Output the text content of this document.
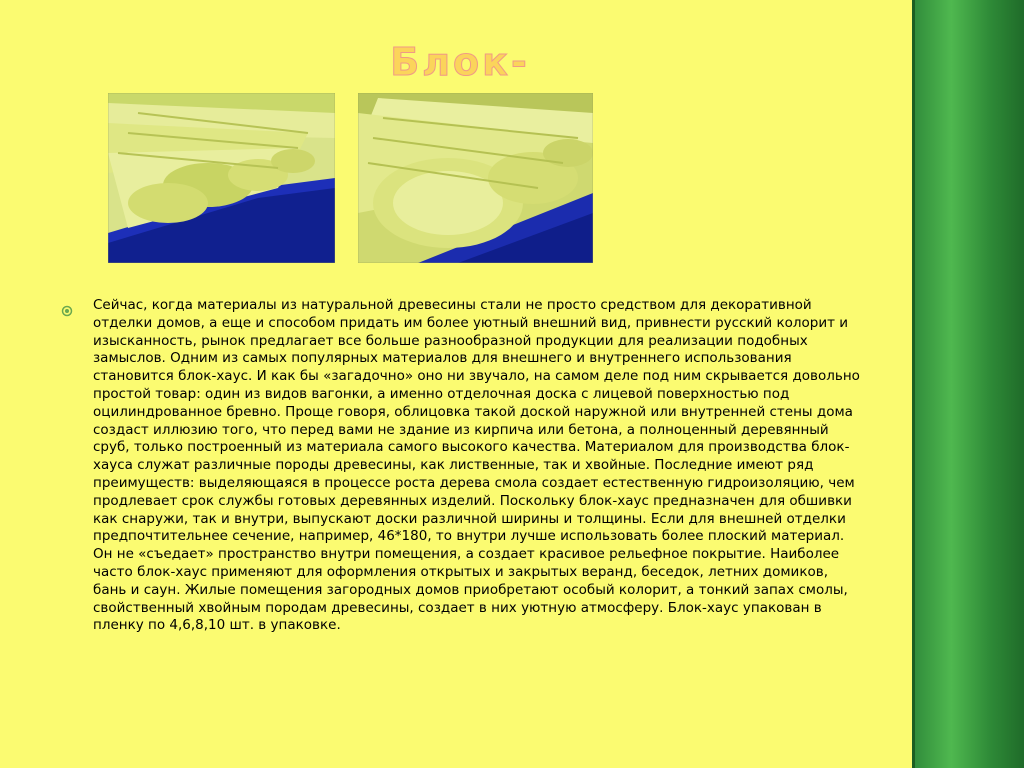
Блок-

Сейчас, когда материалы из натуральной древесины стали не просто средством для декоративной отделки домов, а еще и способом придать им более уютный внешний вид, привнести русский колорит и изысканность, рынок предлагает все больше разнообразной продукции для реализации подобных замыслов. Одним из самых популярных материалов для внешнего и внутреннего использования становится блок-хаус. И как бы «загадочно» оно ни звучало, на самом деле под ним скрывается довольно простой товар: один из видов вагонки, а именно отделочная доска с лицевой поверхностью под оцилиндрованное бревно. Проще говоря, облицовка такой доской наружной или внутренней стены дома создаст иллюзию того, что перед вами не здание из кирпича или бетона, а полноценный деревянный сруб, только построенный из материала самого высокого качества. Материалом для производства блок-хауса служат различные породы древесины, как лиственные, так и хвойные. Последние имеют ряд преимуществ: выделяющаяся в процессе роста дерева смола создает естественную гидроизоляцию, чем продлевает срок службы готовых деревянных изделий. Поскольку блок-хаус предназначен для обшивки как снаружи, так и внутри, выпускают доски различной ширины и толщины. Если для внешней отделки предпочтительнее сечение, например, 46*180, то внутри лучше использовать более плоский материал. Он не «съедает» пространство внутри помещения, а создает красивое рельефное покрытие. Наиболее часто блок-хаус применяют для оформления открытых и закрытых веранд, беседок, летних домиков, бань и саун. Жилые помещения загородных домов приобретают особый колорит, а тонкий запах смолы, свойственный хвойным породам древесины, создает в них уютную атмосферу. Блок-хаус упакован в пленку по 4,6,8,10 шт. в упаковке.
